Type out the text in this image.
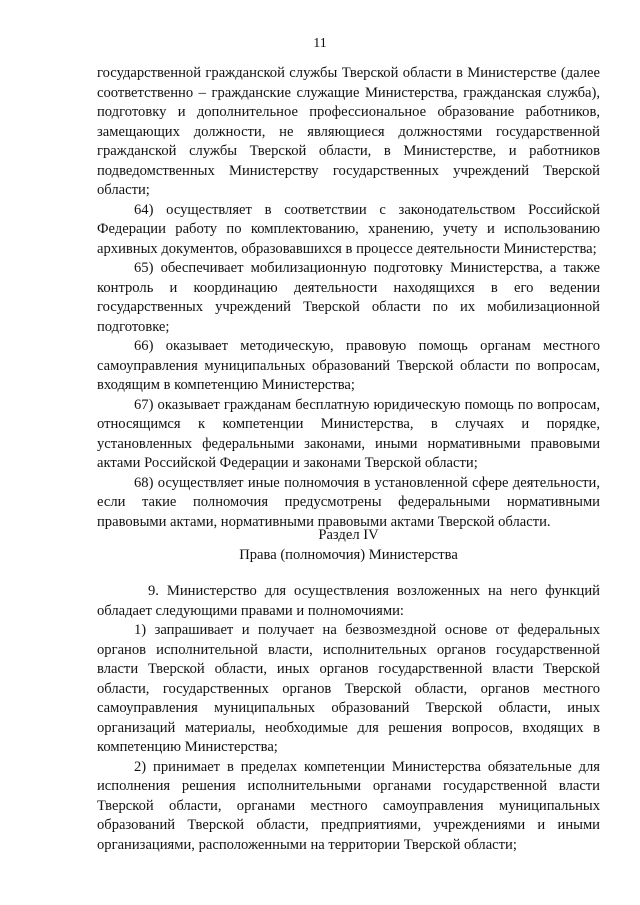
11

государственной гражданской службы Тверской области в Министерстве (далее соответственно – гражданские служащие Министерства, гражданская служба), подготовку и дополнительное профессиональное образование работников, замещающих должности, не являющиеся должностями государственной гражданской службы Тверской области, в Министерстве, и работников подведомственных Министерству государственных учреждений Тверской области;

64) осуществляет в соответствии с законодательством Российской Федерации работу по комплектованию, хранению, учету и использованию архивных документов, образовавшихся в процессе деятельности Министерства;

65) обеспечивает мобилизационную подготовку Министерства, а также контроль и координацию деятельности находящихся в его ведении государственных учреждений Тверской области по их мобилизационной подготовке;

66) оказывает методическую, правовую помощь органам местного самоуправления муниципальных образований Тверской области по вопросам, входящим в компетенцию Министерства;

67) оказывает гражданам бесплатную юридическую помощь по вопросам, относящимся к компетенции Министерства, в случаях и порядке, установленных федеральными законами, иными нормативными правовыми актами Российской Федерации и законами Тверской области;

68) осуществляет иные полномочия в установленной сфере деятельности, если такие полномочия предусмотрены федеральными нормативными правовыми актами, нормативными правовыми актами Тверской области.

Раздел IV

Права (полномочия) Министерства

9. Министерство для осуществления возложенных на него функций обладает следующими правами и полномочиями:

1) запрашивает и получает на безвозмездной основе от федеральных органов исполнительной власти, исполнительных органов государственной власти Тверской области, иных органов государственной власти Тверской области, государственных органов Тверской области, органов местного самоуправления муниципальных образований Тверской области, иных организаций материалы, необходимые для решения вопросов, входящих в компетенцию Министерства;

2) принимает в пределах компетенции Министерства обязательные для исполнения решения исполнительными органами государственной власти Тверской области, органами местного самоуправления муниципальных образований Тверской области, предприятиями, учреждениями и иными организациями, расположенными на территории Тверской области;
